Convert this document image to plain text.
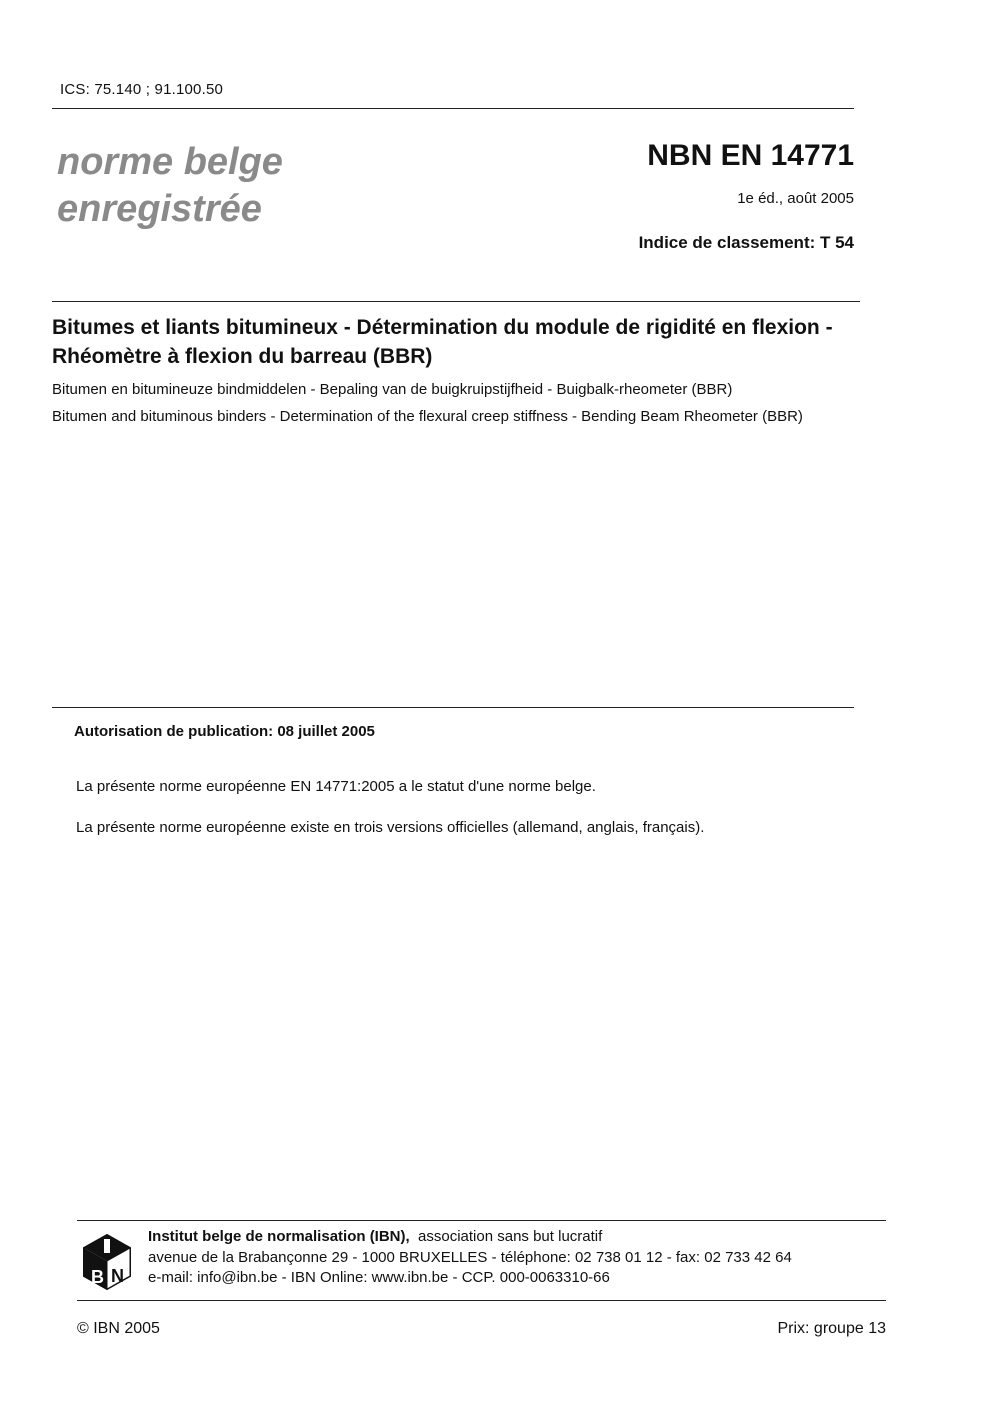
ICS: 75.140 ; 91.100.50
norme belge
enregistrée
NBN EN 14771
1e éd., août 2005
Indice de classement: T 54
Bitumes et liants bitumineux - Détermination du module de rigidité en flexion - Rhéomètre à flexion du barreau (BBR)
Bitumen en bitumineuze bindmiddelen - Bepaling van de buigkruipstijfheid - Buigbalk-rheometer (BBR)
Bitumen and bituminous binders - Determination of the flexural creep stiffness - Bending Beam Rheometer (BBR)
Autorisation de publication: 08 juillet 2005
La présente norme européenne EN 14771:2005 a le statut d'une norme belge.
La présente norme européenne existe en trois versions officielles (allemand, anglais, français).
B N
Institut belge de normalisation (IBN),  association sans but lucratif
avenue de la Brabançonne 29 - 1000 BRUXELLES - téléphone: 02 738 01 12 - fax: 02 733 42 64
e-mail: info@ibn.be - IBN Online: www.ibn.be - CCP. 000-0063310-66
© IBN 2005	Prix: groupe 13
